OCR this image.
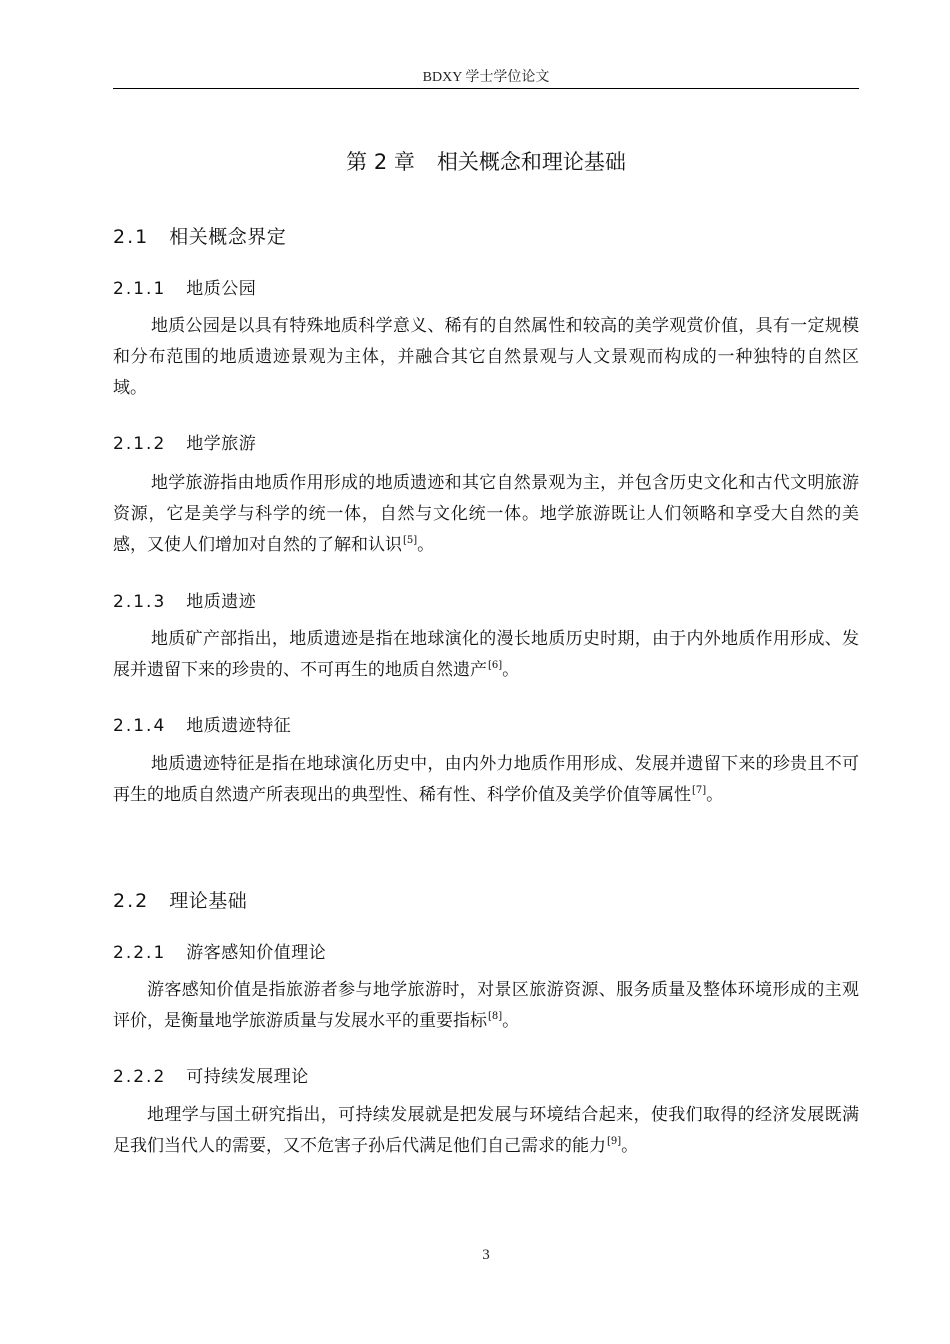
BDXY 学士学位论文
第 2 章 相关概念和理论基础
2.1 相关概念界定
2.1.1 地质公园

地质公园是以具有特殊地质科学意义、稀有的自然属性和较高的美学观赏价值，具有一定规模和分布范围的地质遗迹景观为主体，并融合其它自然景观与人文景观而构成的一种独特的自然区域。

2.1.2 地学旅游

地学旅游指由地质作用形成的地质遗迹和其它自然景观为主，并包含历史文化和古代文明旅游资源，它是美学与科学的统一体，自然与文化统一体。地学旅游既让人们领略和享受大自然的美感，又使人们增加对自然的了解和认识[5]。

2.1.3 地质遗迹

地质矿产部指出，地质遗迹是指在地球演化的漫长地质历史时期，由于内外地质作用形成、发展并遗留下来的珍贵的、不可再生的地质自然遗产[6]。

2.1.4 地质遗迹特征

地质遗迹特征是指在地球演化历史中，由内外力地质作用形成、发展并遗留下来的珍贵且不可再生的地质自然遗产所表现出的典型性、稀有性、科学价值及美学价值等属性[7]。

2.2 理论基础
2.2.1 游客感知价值理论

游客感知价值是指旅游者参与地学旅游时，对景区旅游资源、服务质量及整体环境形成的主观评价，是衡量地学旅游质量与发展水平的重要指标[8]。

2.2.2 可持续发展理论

地理学与国土研究指出，可持续发展就是把发展与环境结合起来，使我们取得的经济发展既满足我们当代人的需要，又不危害子孙后代满足他们自己需求的能力[9]。

3
